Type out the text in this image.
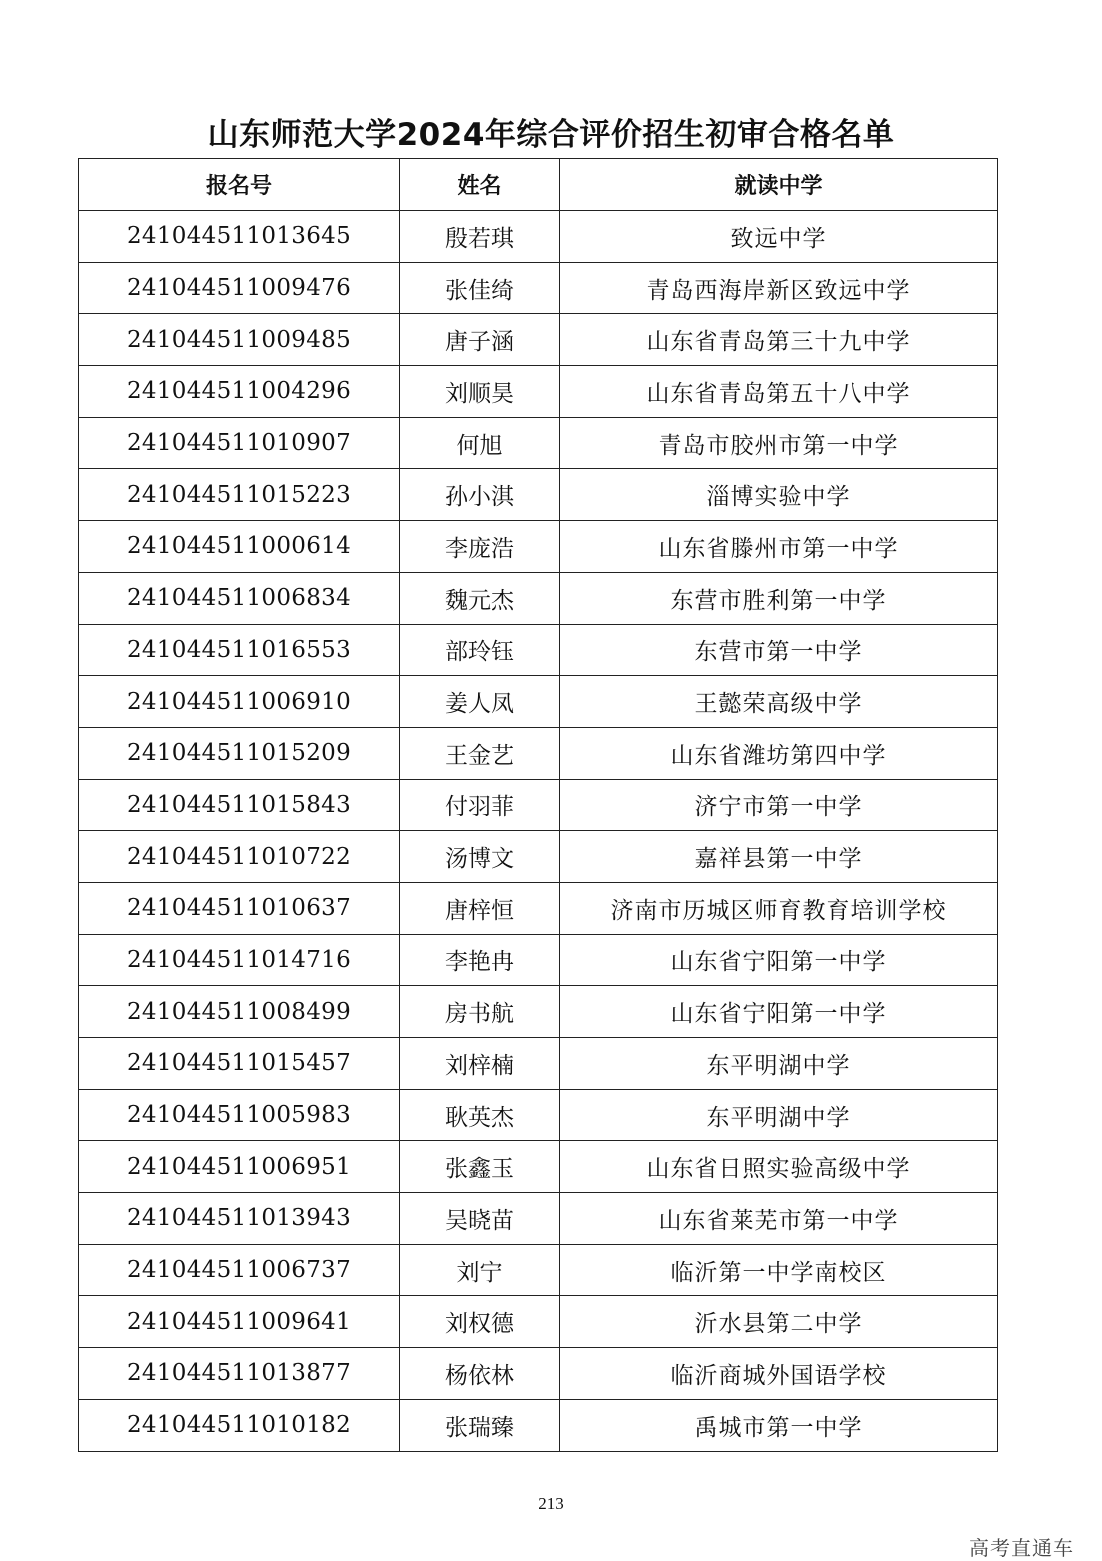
山东师范大学2024年综合评价招生初审合格名单
报名号	姓名	就读中学
241044511013645	殷若琪	致远中学
241044511009476	张佳绮	青岛西海岸新区致远中学
241044511009485	唐子涵	山东省青岛第三十九中学
241044511004296	刘顺昊	山东省青岛第五十八中学
241044511010907	何旭	青岛市胶州市第一中学
241044511015223	孙小淇	淄博实验中学
241044511000614	李庞浩	山东省滕州市第一中学
241044511006834	魏元杰	东营市胜利第一中学
241044511016553	部玲钰	东营市第一中学
241044511006910	姜人凤	王懿荣高级中学
241044511015209	王金艺	山东省潍坊第四中学
241044511015843	付羽菲	济宁市第一中学
241044511010722	汤博文	嘉祥县第一中学
241044511010637	唐梓恒	济南市历城区师育教育培训学校
241044511014716	李艳冉	山东省宁阳第一中学
241044511008499	房书航	山东省宁阳第一中学
241044511015457	刘梓楠	东平明湖中学
241044511005983	耿英杰	东平明湖中学
241044511006951	张鑫玉	山东省日照实验高级中学
241044511013943	吴晓苗	山东省莱芜市第一中学
241044511006737	刘宁	临沂第一中学南校区
241044511009641	刘权德	沂水县第二中学
241044511013877	杨依林	临沂商城外国语学校
241044511010182	张瑞臻	禹城市第一中学
213
高考直通车
